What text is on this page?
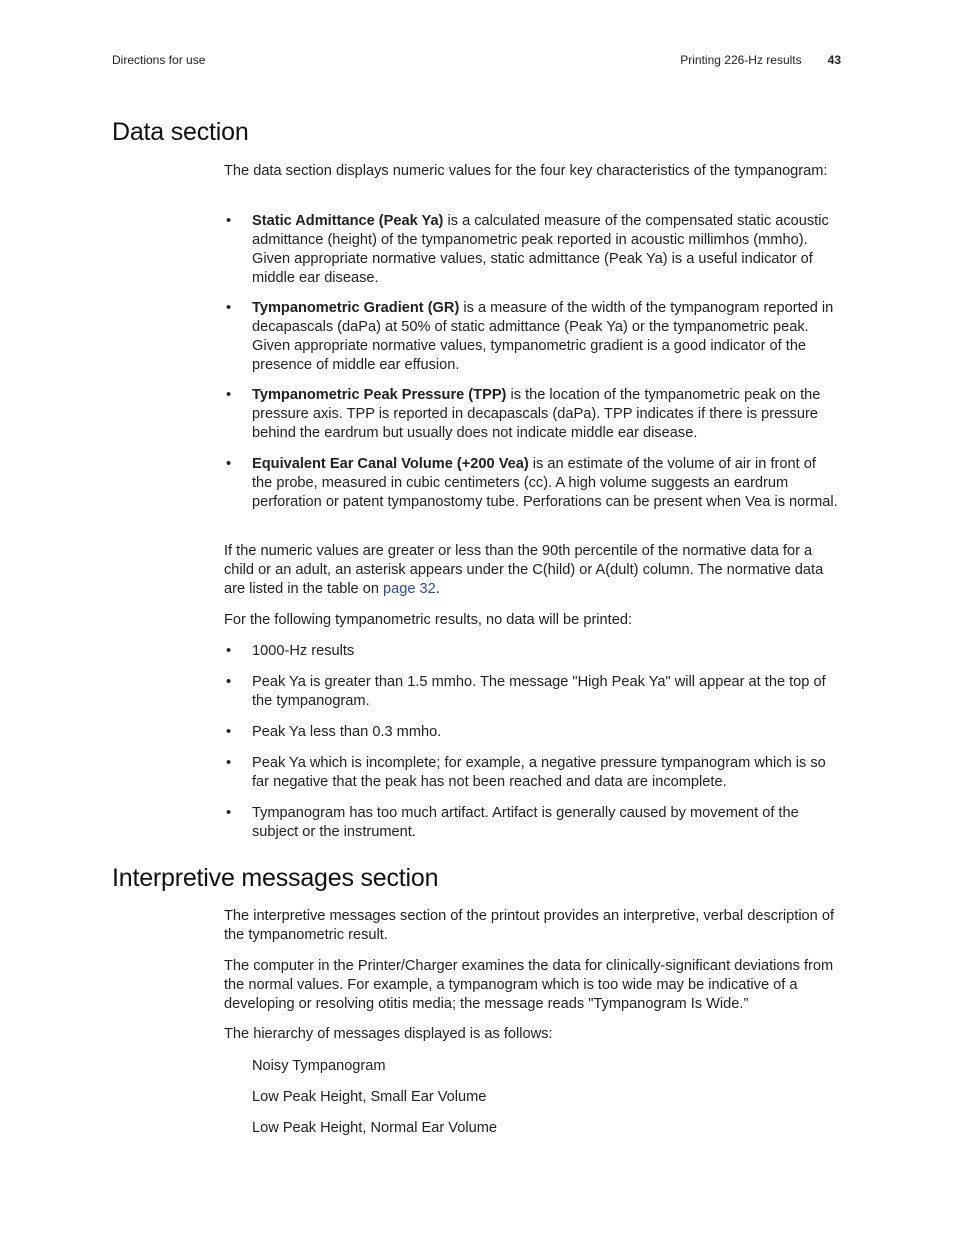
Directions for use	Printing 226-Hz results 43
Data section

The data section displays numeric values for the four key characteristics of the tympanogram:

• Static Admittance (Peak Ya) is a calculated measure of the compensated static acoustic admittance (height) of the tympanometric peak reported in acoustic millimhos (mmho). Given appropriate normative values, static admittance (Peak Ya) is a useful indicator of middle ear disease.

• Tympanometric Gradient (GR) is a measure of the width of the tympanogram reported in decapascals (daPa) at 50% of static admittance (Peak Ya) or the tympanometric peak. Given appropriate normative values, tympanometric gradient is a good indicator of the presence of middle ear effusion.

• Tympanometric Peak Pressure (TPP) is the location of the tympanometric peak on the pressure axis. TPP is reported in decapascals (daPa). TPP indicates if there is pressure behind the eardrum but usually does not indicate middle ear disease.

• Equivalent Ear Canal Volume (+200 Vea) is an estimate of the volume of air in front of the probe, measured in cubic centimeters (cc). A high volume suggests an eardrum perforation or patent tympanostomy tube. Perforations can be present when Vea is normal.

If the numeric values are greater or less than the 90th percentile of the normative data for a child or an adult, an asterisk appears under the C(hild) or A(dult) column. The normative data are listed in the table on page 32.

For the following tympanometric results, no data will be printed:

• 1000-Hz results

• Peak Ya is greater than 1.5 mmho. The message "High Peak Ya" will appear at the top of the tympanogram.

• Peak Ya less than 0.3 mmho.

• Peak Ya which is incomplete; for example, a negative pressure tympanogram which is so far negative that the peak has not been reached and data are incomplete.

• Tympanogram has too much artifact. Artifact is generally caused by movement of the subject or the instrument.

Interpretive messages section

The interpretive messages section of the printout provides an interpretive, verbal description of the tympanometric result.

The computer in the Printer/Charger examines the data for clinically-significant deviations from the normal values. For example, a tympanogram which is too wide may be indicative of a developing or resolving otitis media; the message reads "Tympanogram Is Wide.”

The hierarchy of messages displayed is as follows:

Noisy Tympanogram

Low Peak Height, Small Ear Volume

Low Peak Height, Normal Ear Volume
